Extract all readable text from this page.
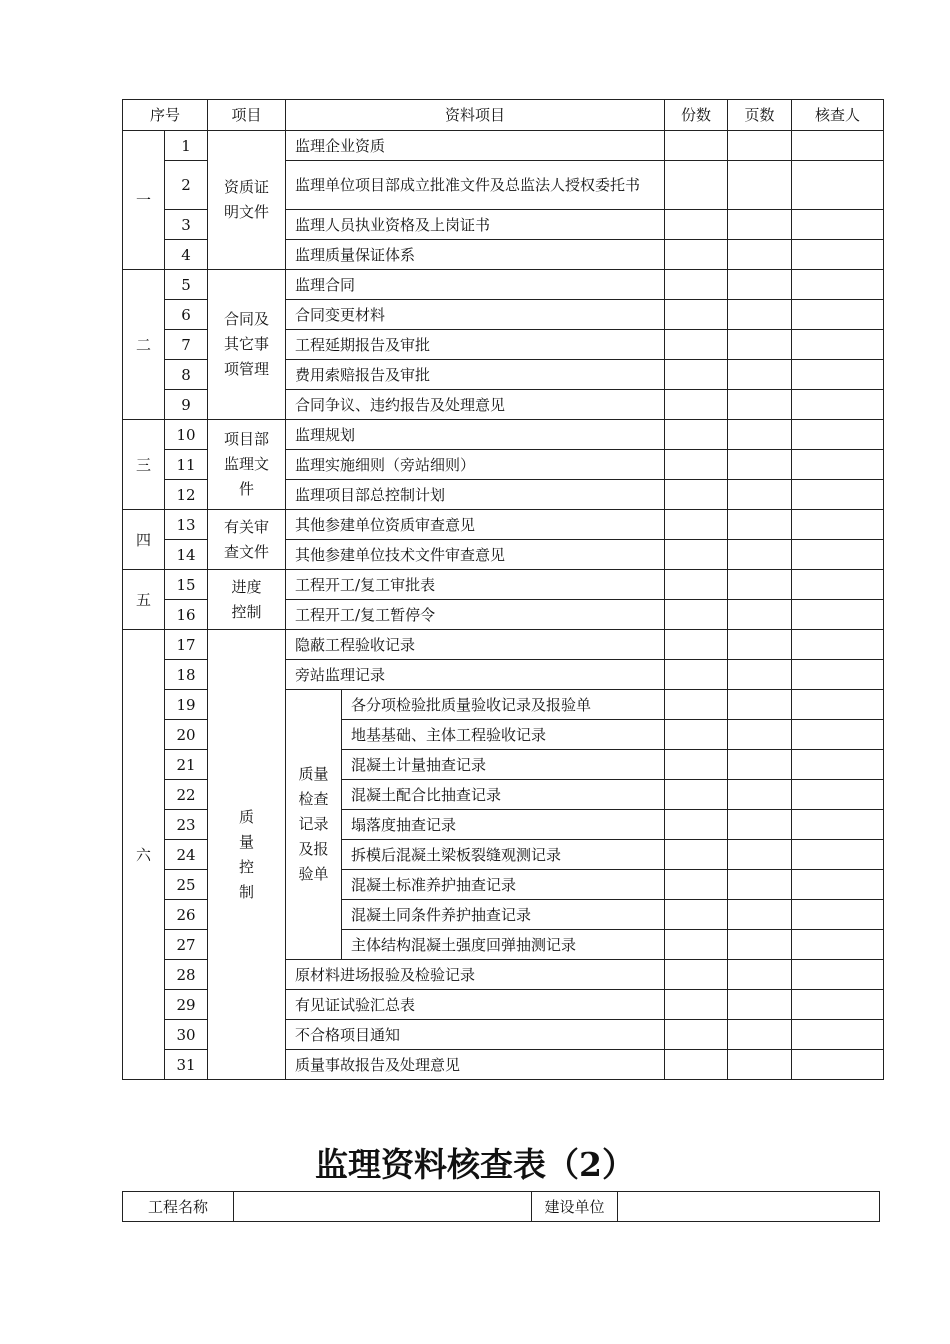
序号		项目	资料项目		份数	页数	核查人
一	1	资质证明文件	监理企业资质				
	2		监理单位项目部成立批准文件及总监法人授权委托书				
	3		监理人员执业资格及上岗证书				
	4		监理质量保证体系				
二	5	合同及其它事项管理	监理合同				
	6		合同变更材料				
	7		工程延期报告及审批				
	8		费用索赔报告及审批				
	9		合同争议、违约报告及处理意见				
三	10	项目部监理文件	监理规划				
	11		监理实施细则（旁站细则）				
	12		监理项目部总控制计划				
四	13	有关审查文件	其他参建单位资质审查意见				
	14		其他参建单位技术文件审查意见				
五	15	进度控制	工程开工/复工审批表				
	16		工程开工/复工暂停令				
六	17	质量控制	隐蔽工程验收记录				
	18		旁站监理记录				
	19		质量检查记录及报验单	各分项检验批质量验收记录及报验单			
	20			地基基础、主体工程验收记录			
	21			混凝土计量抽查记录			
	22			混凝土配合比抽查记录			
	23			塌落度抽查记录			
	24			拆模后混凝土梁板裂缝观测记录			
	25			混凝土标准养护抽查记录			
	26			混凝土同条件养护抽查记录			
	27			主体结构混凝土强度回弹抽测记录			
	28		原材料进场报验及检验记录				
	29		有见证试验汇总表				
	30		不合格项目通知				
	31		质量事故报告及处理意见				
监理资料核查表（2）
工程名称		建设单位	
